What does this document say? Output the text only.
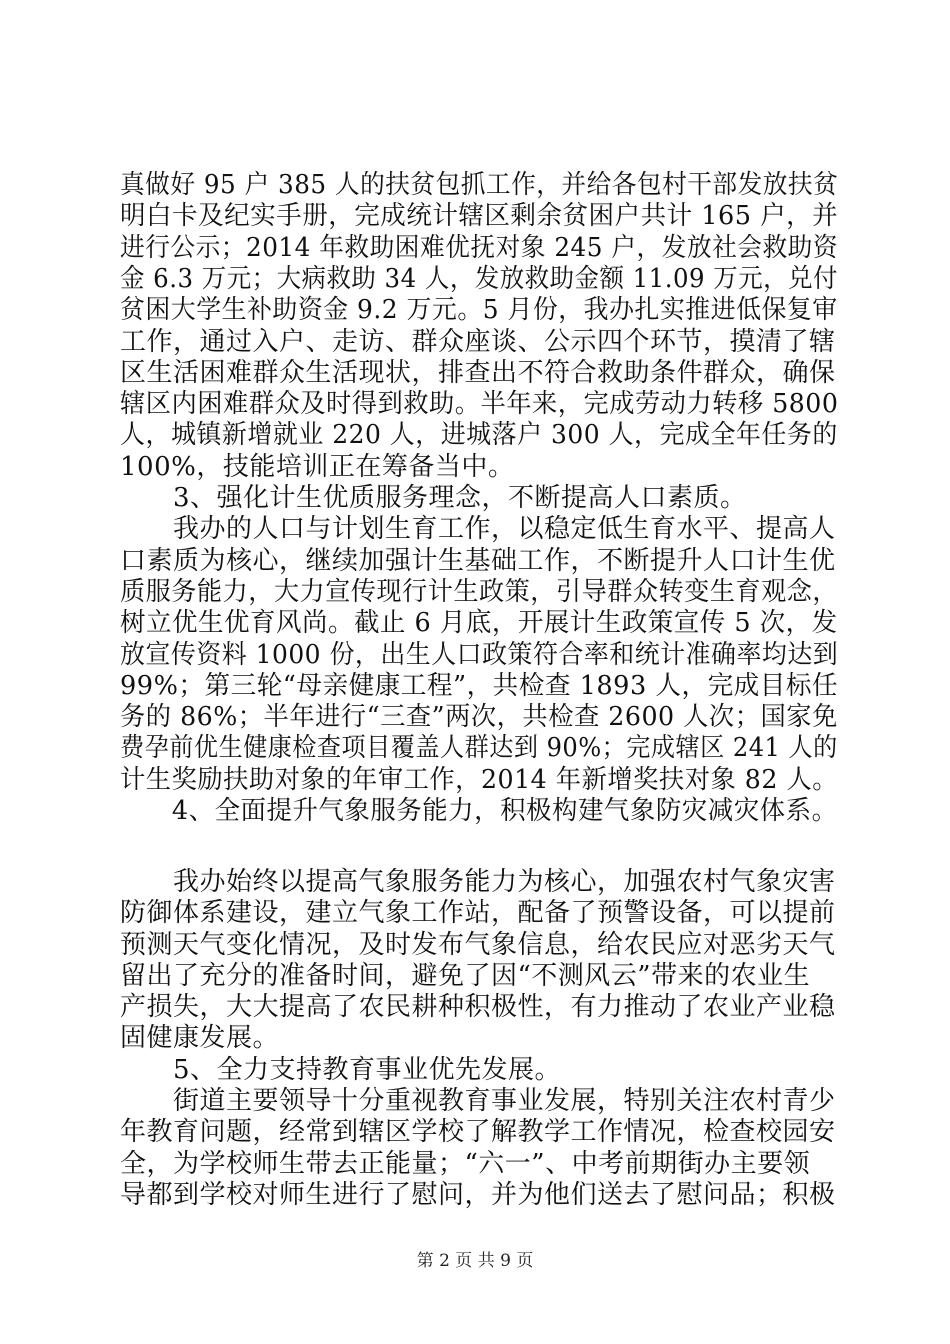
真做好 95 户 385 人的扶贫包抓工作，并给各包村干部发放扶贫
明白卡及纪实手册，完成统计辖区剩余贫困户共计 165 户，并
进行公示；2014 年救助困难优抚对象 245 户，发放社会救助资
金 6.3 万元；大病救助 34 人，发放救助金额 11.09 万元，兑付
贫困大学生补助资金 9.2 万元。5 月份，我办扎实推进低保复审
工作，通过入户、走访、群众座谈、公示四个环节，摸清了辖
区生活困难群众生活现状，排查出不符合救助条件群众，确保
辖区内困难群众及时得到救助。半年来，完成劳动力转移 5800
人，城镇新增就业 220 人，进城落户 300 人，完成全年任务的
100%，技能培训正在筹备当中。
　　3、强化计生优质服务理念，不断提高人口素质。
　　我办的人口与计划生育工作，以稳定低生育水平、提高人
口素质为核心，继续加强计生基础工作，不断提升人口计生优
质服务能力，大力宣传现行计生政策，引导群众转变生育观念，
树立优生优育风尚。截止 6 月底，开展计生政策宣传 5 次，发
放宣传资料 1000 份，出生人口政策符合率和统计准确率均达到
99%；第三轮“母亲健康工程”，共检查 1893 人，完成目标任
务的 86%；半年进行“三查”两次，共检查 2600 人次；国家免
费孕前优生健康检查项目覆盖人群达到 90%；完成辖区 241 人的
计生奖励扶助对象的年审工作，2014 年新增奖扶对象 82 人。
　　4、全面提升气象服务能力，积极构建气象防灾减灾体系。
　　我办始终以提高气象服务能力为核心，加强农村气象灾害
防御体系建设，建立气象工作站，配备了预警设备，可以提前
预测天气变化情况，及时发布气象信息，给农民应对恶劣天气
留出了充分的准备时间，避免了因“不测风云”带来的农业生
产损失，大大提高了农民耕种积极性，有力推动了农业产业稳
固健康发展。
　　5、全力支持教育事业优先发展。
　　街道主要领导十分重视教育事业发展，特别关注农村青少
年教育问题，经常到辖区学校了解教学工作情况，检查校园安
全，为学校师生带去正能量；“六一”、中考前期街办主要领
导都到学校对师生进行了慰问，并为他们送去了慰问品；积极
第 2 页 共 9 页
